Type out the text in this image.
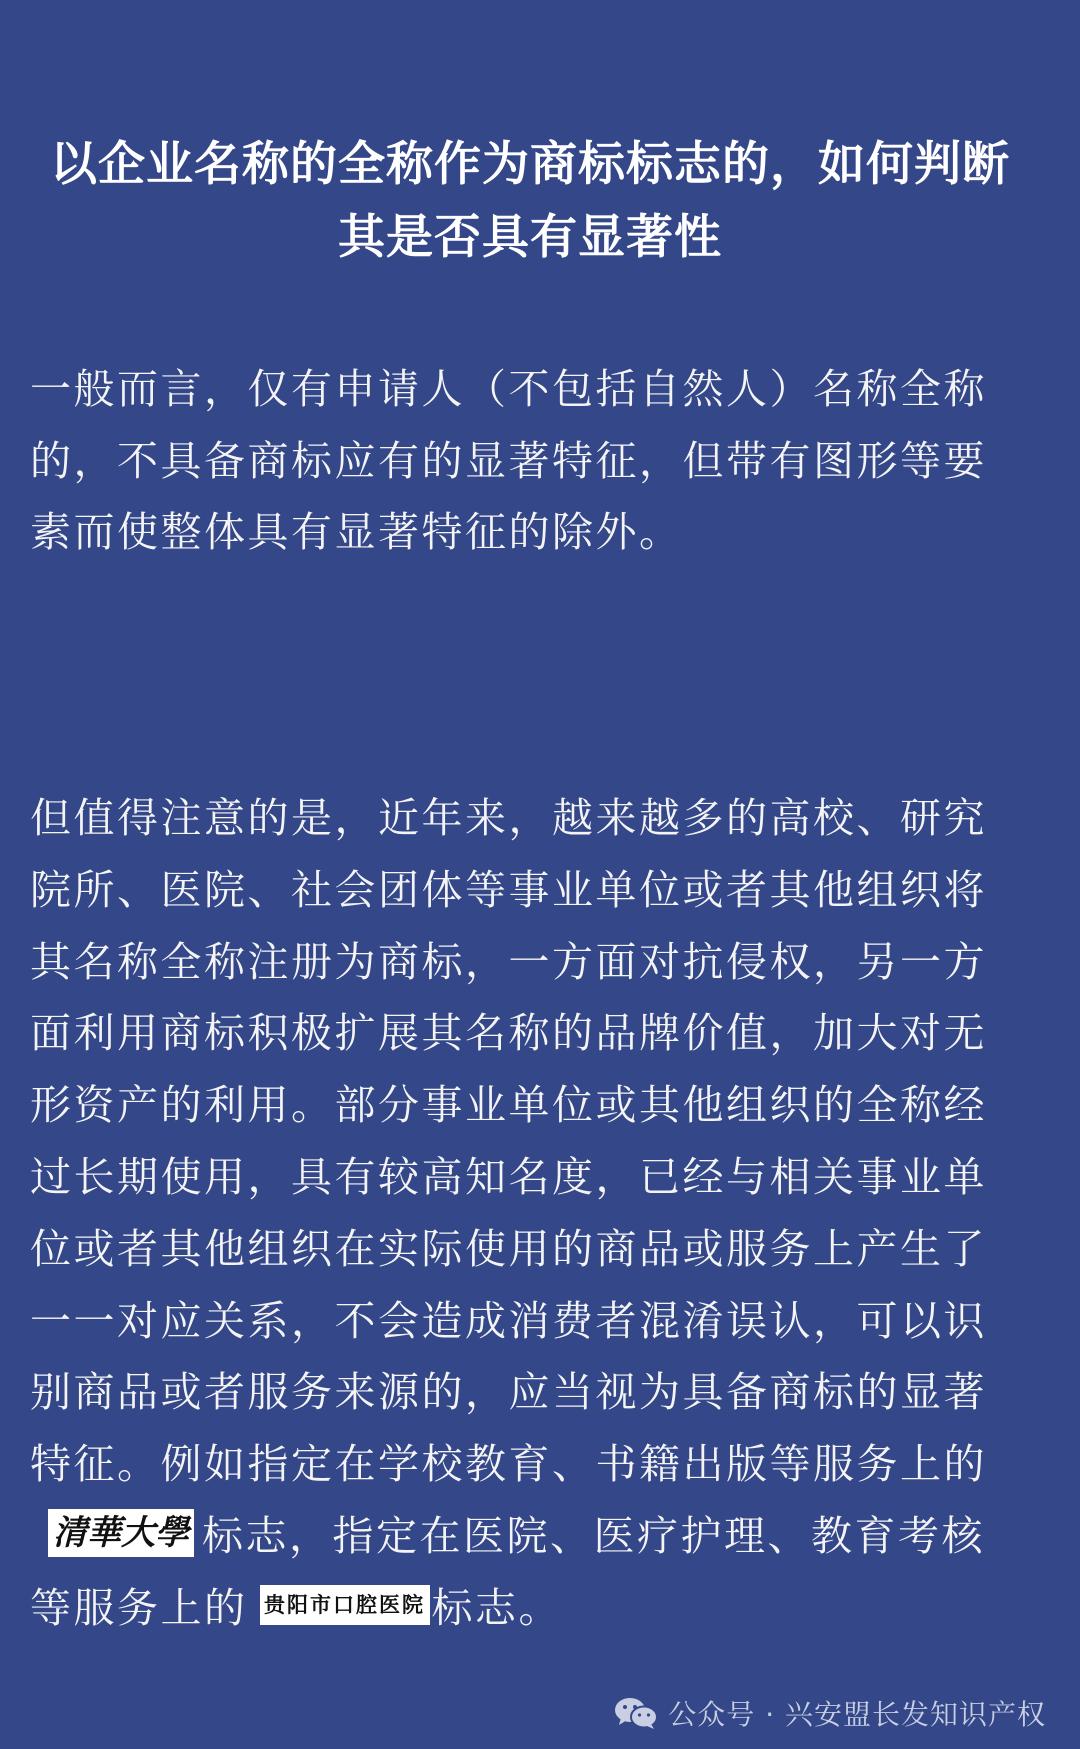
以企业名称的全称作为商标标志的，如何判断
其是否具有显著性

一般而言，仅有申请人（不包括自然人）名称全称的，不具备商标应有的显著特征，但带有图形等要素而使整体具有显著特征的除外。

但值得注意的是，近年来，越来越多的高校、研究院所、医院、社会团体等事业单位或者其他组织将其名称全称注册为商标，一方面对抗侵权，另一方面利用商标积极扩展其名称的品牌价值，加大对无形资产的利用。部分事业单位或其他组织的全称经过长期使用，具有较高知名度，已经与相关事业单位或者其他组织在实际使用的商品或服务上产生了一一对应关系，不会造成消费者混淆误认，可以识别商品或者服务来源的，应当视为具备商标的显著特征。例如指定在学校教育、书籍出版等服务上的清華大學 标志，指定在医院、医疗护理、教育考核等服务上的 贵阳市口腔医院 标志。

公众号 · 兴安盟长发知识产权
